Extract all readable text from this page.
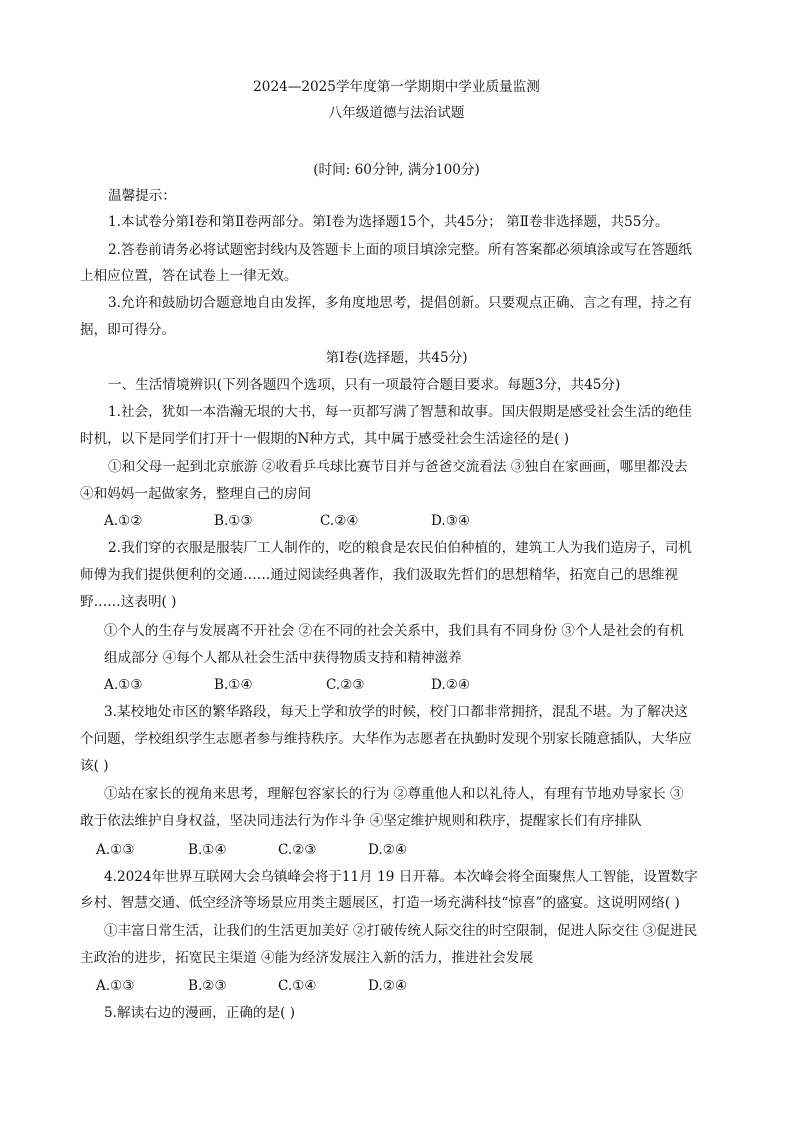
2024—2025学年度第一学期期中学业质量监测
八年级道德与法治试题
(时间: 60分钟, 满分100分)
温馨提示：
1.本试卷分第Ⅰ卷和第Ⅱ卷两部分。第Ⅰ卷为选择题15个，共45分； 第Ⅱ卷非选择题，共55分。
2.答卷前请务必将试题密封线内及答题卡上面的项目填涂完整。所有答案都必须填涂或写在答题纸
上相应位置，答在试卷上一律无效。
3.允许和鼓励切合题意地自由发挥，多角度地思考，提倡创新。只要观点正确、言之有理，持之有
据，即可得分。
第Ⅰ卷(选择题，共45分)
一、生活情境辨识(下列各题四个选项，只有一项最符合题目要求。每题3分，共45分)
1.社会，犹如一本浩瀚无垠的大书，每一页都写满了智慧和故事。国庆假期是感受社会生活的绝佳
时机，以下是同学们打开十一假期的N种方式，其中属于感受社会生活途径的是( )
①和父母一起到北京旅游 ②收看乒乓球比赛节目并与爸爸交流看法 ③独自在家画画，哪里都没去
④和妈妈一起做家务，整理自己的房间
A.①②	B.①③	C.②④	D.③④
2.我们穿的衣服是服装厂工人制作的，吃的粮食是农民伯伯种植的，建筑工人为我们造房子，司机
师傅为我们提供便利的交通……通过阅读经典著作，我们汲取先哲们的思想精华，拓宽自己的思维视
野……这表明( )
①个人的生存与发展离不开社会 ②在不同的社会关系中，我们具有不同身份 ③个人是社会的有机
组成部分 ④每个人都从社会生活中获得物质支持和精神滋养
A.①③	B.①④	C.②③	D.②④
3.某校地处市区的繁华路段，每天上学和放学的时候，校门口都非常拥挤，混乱不堪。为了解决这
个问题，学校组织学生志愿者参与维持秩序。大华作为志愿者在执勤时发现个别家长随意插队，大华应
该( )
①站在家长的视角来思考，理解包容家长的行为 ②尊重他人和以礼待人，有理有节地劝导家长 ③
敢于依法维护自身权益，坚决同违法行为作斗争 ④坚定维护规则和秩序，提醒家长们有序排队
A.①③	B.①④	C.②③	D.②④
4.2024年世界互联网大会乌镇峰会将于11月 19 日开幕。本次峰会将全面聚焦人工智能，设置数字
乡村、智慧交通、低空经济等场景应用类主题展区，打造一场充满科技“惊喜”的盛宴。这说明网络( )
①丰富日常生活，让我们的生活更加美好 ②打破传统人际交往的时空限制，促进人际交往 ③促进民
主政治的进步，拓宽民主渠道 ④能为经济发展注入新的活力，推进社会发展
A.①③	B.②③	C.①④	D.②④
5.解读右边的漫画，正确的是( )
